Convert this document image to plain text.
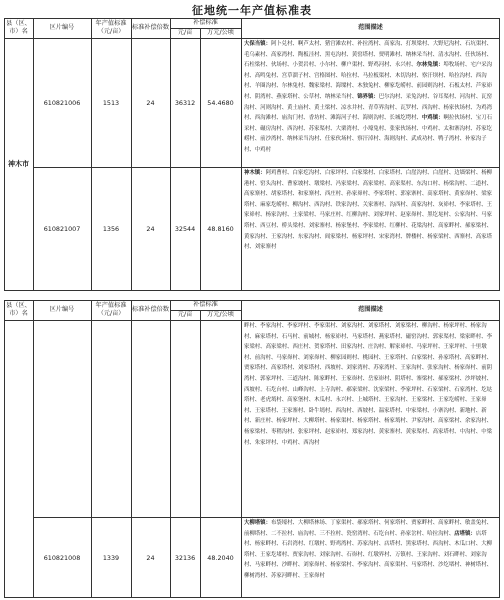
征地统一年产值标准表
县（区、市）名
区片编号
年产值标准（元/亩）
标准补偿倍数
补偿标准
元/亩	万元/公顷
范围描述
神木市
610821006	1513	24	36312	54.4680
大保当镇：阿卜兑村、啊芦太村、猪宫滩农村、补拉湾村、高家沟、打坝梁村、大野尼沟村、石坑渠村、毛乌素村、高家湾村、陶板洼村、黑屯沟村、黄窑塔村、贾明滩村、纳林采当村、清水沟村、任伙场村、石柱梁村、伙场村、小贺岩村、小尔村、柳户渠村、野鸡河村、永兴村、尔林兔镇：埠牧场村、宅户采沟村、高鸣兔村、宫草溜子村、宫格图村、哈拉村、马拉板渠村、木切沟村、察汗坝村、哈拉沟村、西沟村、羊圈沟村、尔林兔村、魏家梁村、海墚村、木独兔村、柳家圪崂村、前园则沟村、石板太村、芦家峁村、阴湾村、燕家塔村、公草村、纳林采当村、锦界镇：巴尔沟村、采兔沟村、谷耳渠村、河沟村、瓦窑沟村、河则沟村、黄土庙村、黄土梁村、凉水井村、青草界沟村、瓦罗村、西沟村、杨家伙场村、为鸡湾村、西沟滩村、庙沟门村、香坊村、滩海河子村、海则沟村、长城圪塄村、中鸡镇：啊拉伙场村、宝刀石采村、碾房沟村、西沟村、苏家渠村、大栗湾村、小壕兔村、张家伙场村、中鸡村、太和寨沟村、苏家圪崂村、前沙湾村、纳林采当沟村、任家伙场村、察汗淖村、海则沟村、武成功村、鸭子湾村、补家沟子村、中鸡村
610821007	1356	24	32544	48.8160
神木镇：阿鸡曹村、白家疙沟村、白家坪村、白家梁村、白家塔村、白崖沟村、白崖村、边墙梁村、杨柳港村、窑头沟村、曹家坡村、墩梁村、冯家梁村、高家梁村、高家渠村、东沟口村、杨梁沟村、二道村、高家寨村、胡家塔村、和家寨村、西庄村、孙家峁村、李家塔村、郭家寨村、高家塔村、黄家峁村、梁家塔村、麻家圪崂村、柳沟村、西沟村、铁家沟村、关家寨村、沟西村、高家沟村、灰峁村、李家塔村、王家峁村、杨家沟村、土家梁村、马家庄村、红柳沟村、刘家坪村、赵家峁村、黑圪垯村、公家沟村、马家塔村、西豆村、桥头梁村、刘家寨村、杨家堡村、李家梁村、红柳村、花梁沟村、高家畔村、郝家梁村、黄家沟村、王家沟村、东家沟村、阎家梁村、杨家坪村、宋家湾村、牌楼村、杨家梁村、西寨村、高家塔村、刘家寨村
县（区、市）名
区片编号
年产值标准（元/亩）
标准补偿倍数
补偿标准
元/亩	万元/公顷
范围描述
畔村、李家沟村、李家坪村、李家渠村、刘家沟村、刘家塔村、刘家梁村、柳沟村、杨家坪村、杨家沟村、麻家塔村、石马村、前城村、杨家峁村、马家塔村、燕家塔村、磁窑沟村、郭家渠村、梁家畔村、李家梁村、高家梁村、西庄村、贺家塔村、田家沟村、庄沟村、解家峁村、马家坪村、王家坪村、十里墩村、前沟村、马家峁村、刘家峁村、柳家园则村、桃园村、王家塔村、白家梁村、孙家塔村、高家畔村、贾家塔村、高家塔村、刘家塔村、西坡村、刘家湾村、苏家湾村、王家沟村、张家沟村、杨家峁村、前阴湾村、郭家坪村、三道沟村、陈家畔村、王家峁村、岳家峁村、阴塔村、寨梁村、郝家梁村、沙坪坡村、西坡村、石圪台村、山峰沟村、上寺沟村、郝家梁村、沈家梁村、李家坪村、石家梁村、石家湾村、圪垯塔村、老虎墕村、高家堡村、木瓜村、永兴村、上城塔村、王家沟村、王家梁村、王家圪崂村、王家峁村、王家塔村、王家寨村、卧牛墕村、西沟村、西坡村、温家塔村、中家梁村、小寨沟村、新地村、新村、新庄村、杨家坪村、大柳塔村、杨家渠村、杨家塔村、杨家墕村、尹家沟村、高家梁村、余家沟村、杨家梁村、枣稍沟村、张家坪村、赵家峁村、郑家沟村、黄家寨村、黄家渠村、高家塔村、中沟村、中梁村、朱家坪村、中鸡村、西沟村
610821008	1339	24	32136	48.2040
大柳塔镇：布袋壕村、大柳塔林场、丁家渠村、郝家塔村、何家塔村、贾家畔村、高家畔村、敏盖兔村、前柳塔村、二不拉村、庙沟村、三不拉村、瓷窑湾村、石圪台村、孙家岔村、哈拉沟村、店塔镇：店塔村、杨家畔村、石岩湾村、红墩村、野鸡湾村、苏家沟村、店塔村、黑家塔村、西沟村、木瓜口村、大柳塔村、王家圪堵村、贾家沟村、刘家沟村、石峁村、红墩界村、万镇村、王家沟村、刘石畔村、刘家沟村、马家畔村、沙畔村、刘家峁村、杨家梁村、李家沟村、高家渠村、马家塔村、沙圪堵村、神树塔村、柳树湾村、苏家河畔村、王家峁村
